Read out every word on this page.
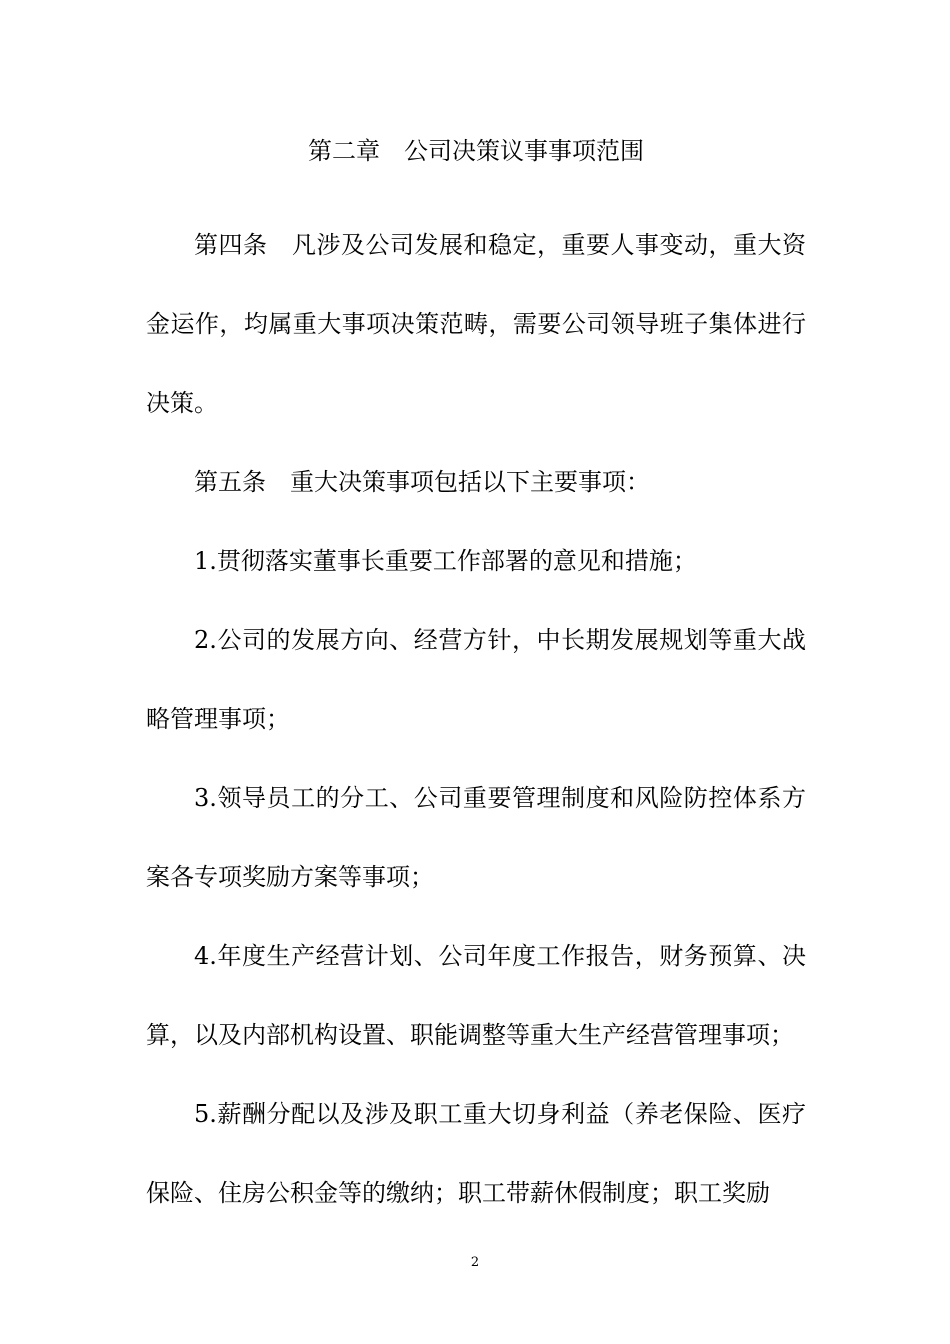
第二章　公司决策议事事项范围

第四条　凡涉及公司发展和稳定，重要人事变动，重大资金运作，均属重大事项决策范畴，需要公司领导班子集体进行决策。

第五条　重大决策事项包括以下主要事项：

1.贯彻落实董事长重要工作部署的意见和措施；

2.公司的发展方向、经营方针，中长期发展规划等重大战略管理事项；

3.领导员工的分工、公司重要管理制度和风险防控体系方案各专项奖励方案等事项；

4.年度生产经营计划、公司年度工作报告，财务预算、决算，以及内部机构设置、职能调整等重大生产经营管理事项；

5.薪酬分配以及涉及职工重大切身利益（养老保险、医疗保险、住房公积金等的缴纳；职工带薪休假制度；职工奖励

2
